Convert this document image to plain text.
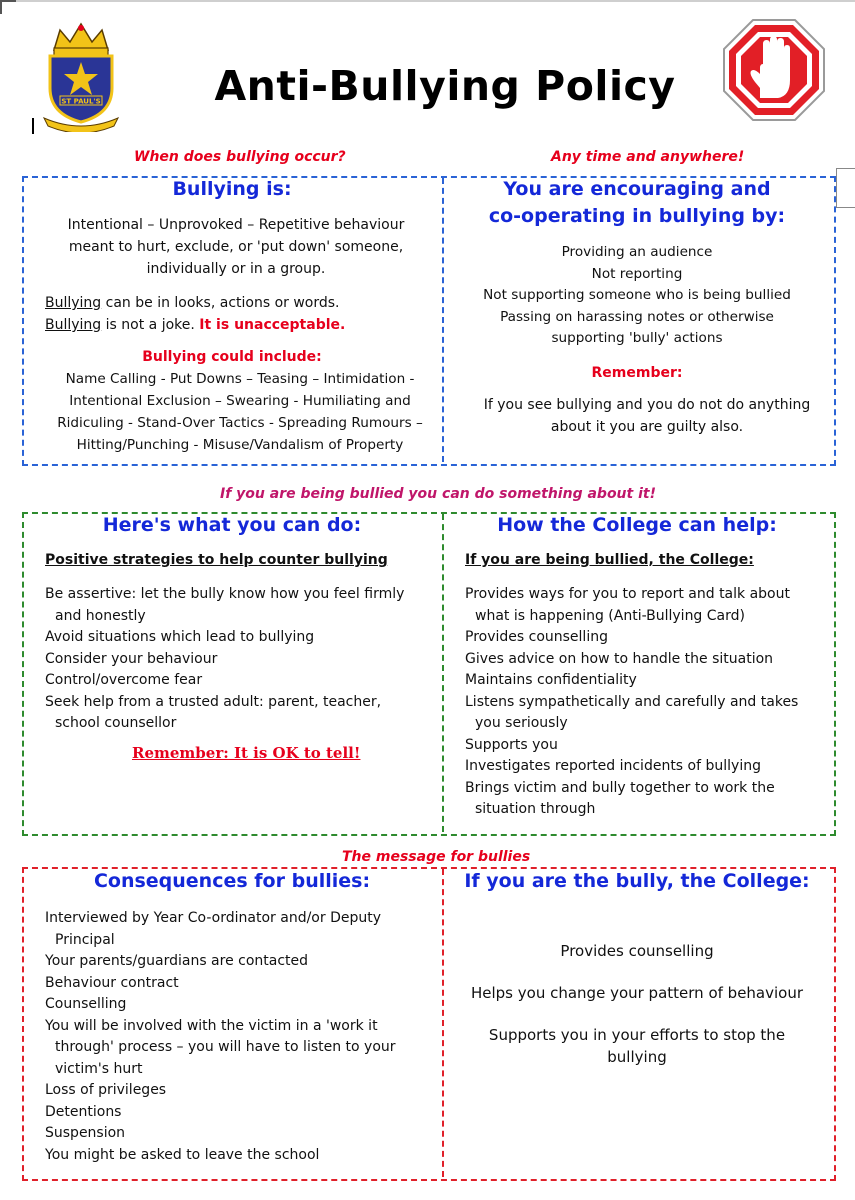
ST PAUL'S	Anti-Bullying Policy
When does bullying occur?	Any time and anywhere!
Bullying is:
Intentional – Unprovoked – Repetitive behaviour meant to hurt, exclude, or 'put down' someone, individually or in a group.
Bullying can be in looks, actions or words.
Bullying is not a joke. It is unacceptable.
Bullying could include:
Name Calling - Put Downs – Teasing – Intimidation - Intentional Exclusion – Swearing - Humiliating and Ridiculing - Stand-Over Tactics - Spreading Rumours – Hitting/Punching - Misuse/Vandalism of Property
You are encouraging and
co-operating in bullying by:
Providing an audience
Not reporting
Not supporting someone who is being bullied
Passing on harassing notes or otherwise
supporting 'bully' actions
Remember:
If you see bullying and you do not do anything about it you are guilty also.
If you are being bullied you can do something about it!
Here's what you can do:
Positive strategies to help counter bullying
Be assertive: let the bully know how you feel firmly and honestly
Avoid situations which lead to bullying
Consider your behaviour
Control/overcome fear
Seek help from a trusted adult: parent, teacher, school counsellor
Remember: It is OK to tell!
How the College can help:
If you are being bullied, the College:
Provides ways for you to report and talk about what is happening (Anti-Bullying Card)
Provides counselling
Gives advice on how to handle the situation
Maintains confidentiality
Listens sympathetically and carefully and takes you seriously
Supports you
Investigates reported incidents of bullying
Brings victim and bully together to work the situation through
The message for bullies
Consequences for bullies:
Interviewed by Year Co-ordinator and/or Deputy Principal
Your parents/guardians are contacted
Behaviour contract
Counselling
You will be involved with the victim in a 'work it through' process – you will have to listen to your victim's hurt
Loss of privileges
Detentions
Suspension
You might be asked to leave the school
If you are the bully, the College:
Provides counselling
Helps you change your pattern of behaviour
Supports you in your efforts to stop the bullying
